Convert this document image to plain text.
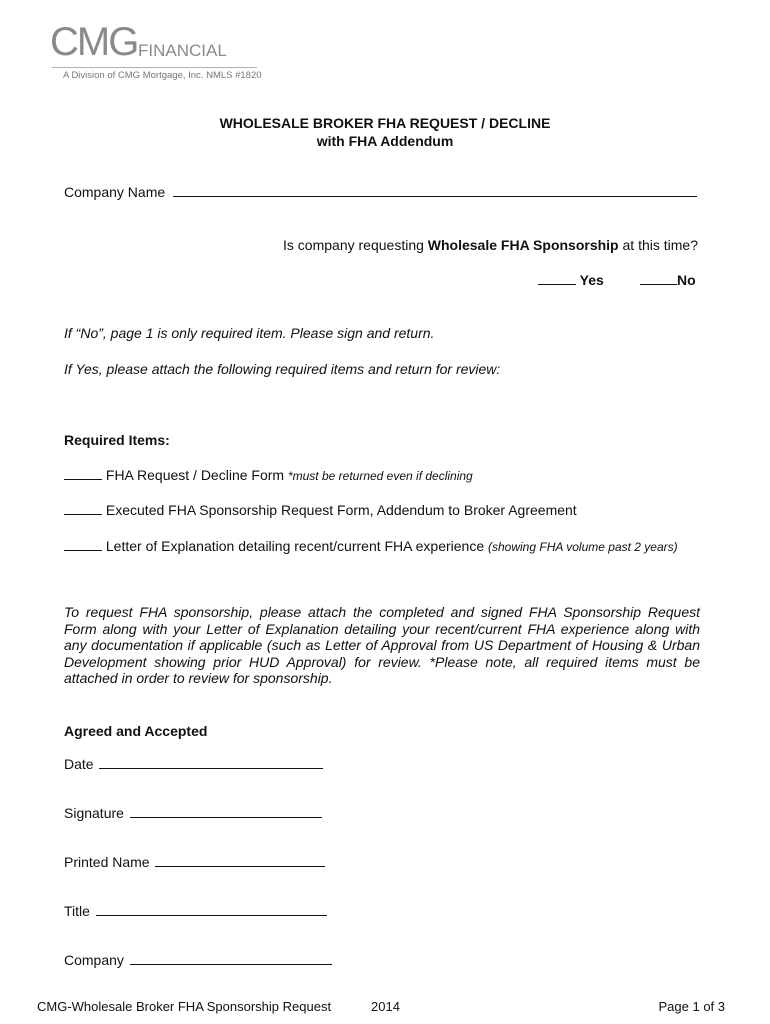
CMG FINANCIAL
A Division of CMG Mortgage, Inc. NMLS #1820
WHOLESALE BROKER FHA REQUEST / DECLINE
with FHA Addendum
Company Name
Is company requesting Wholesale FHA Sponsorship at this time?
Yes	No
If “No”, page 1 is only required item. Please sign and return.
If Yes, please attach the following required items and return for review:
Required Items:
FHA Request / Decline Form *must be returned even if declining
Executed FHA Sponsorship Request Form, Addendum to Broker Agreement
Letter of Explanation detailing recent/current FHA experience (showing FHA volume past 2 years)
To request FHA sponsorship, please attach the completed and signed FHA Sponsorship Request Form along with your Letter of Explanation detailing your recent/current FHA experience along with any documentation if applicable (such as Letter of Approval from US Department of Housing & Urban Development showing prior HUD Approval) for review. *Please note, all required items must be attached in order to review for sponsorship.
Agreed and Accepted
Date
Signature
Printed Name
Title
Company
CMG-Wholesale Broker FHA Sponsorship Request	2014	Page 1 of 3
